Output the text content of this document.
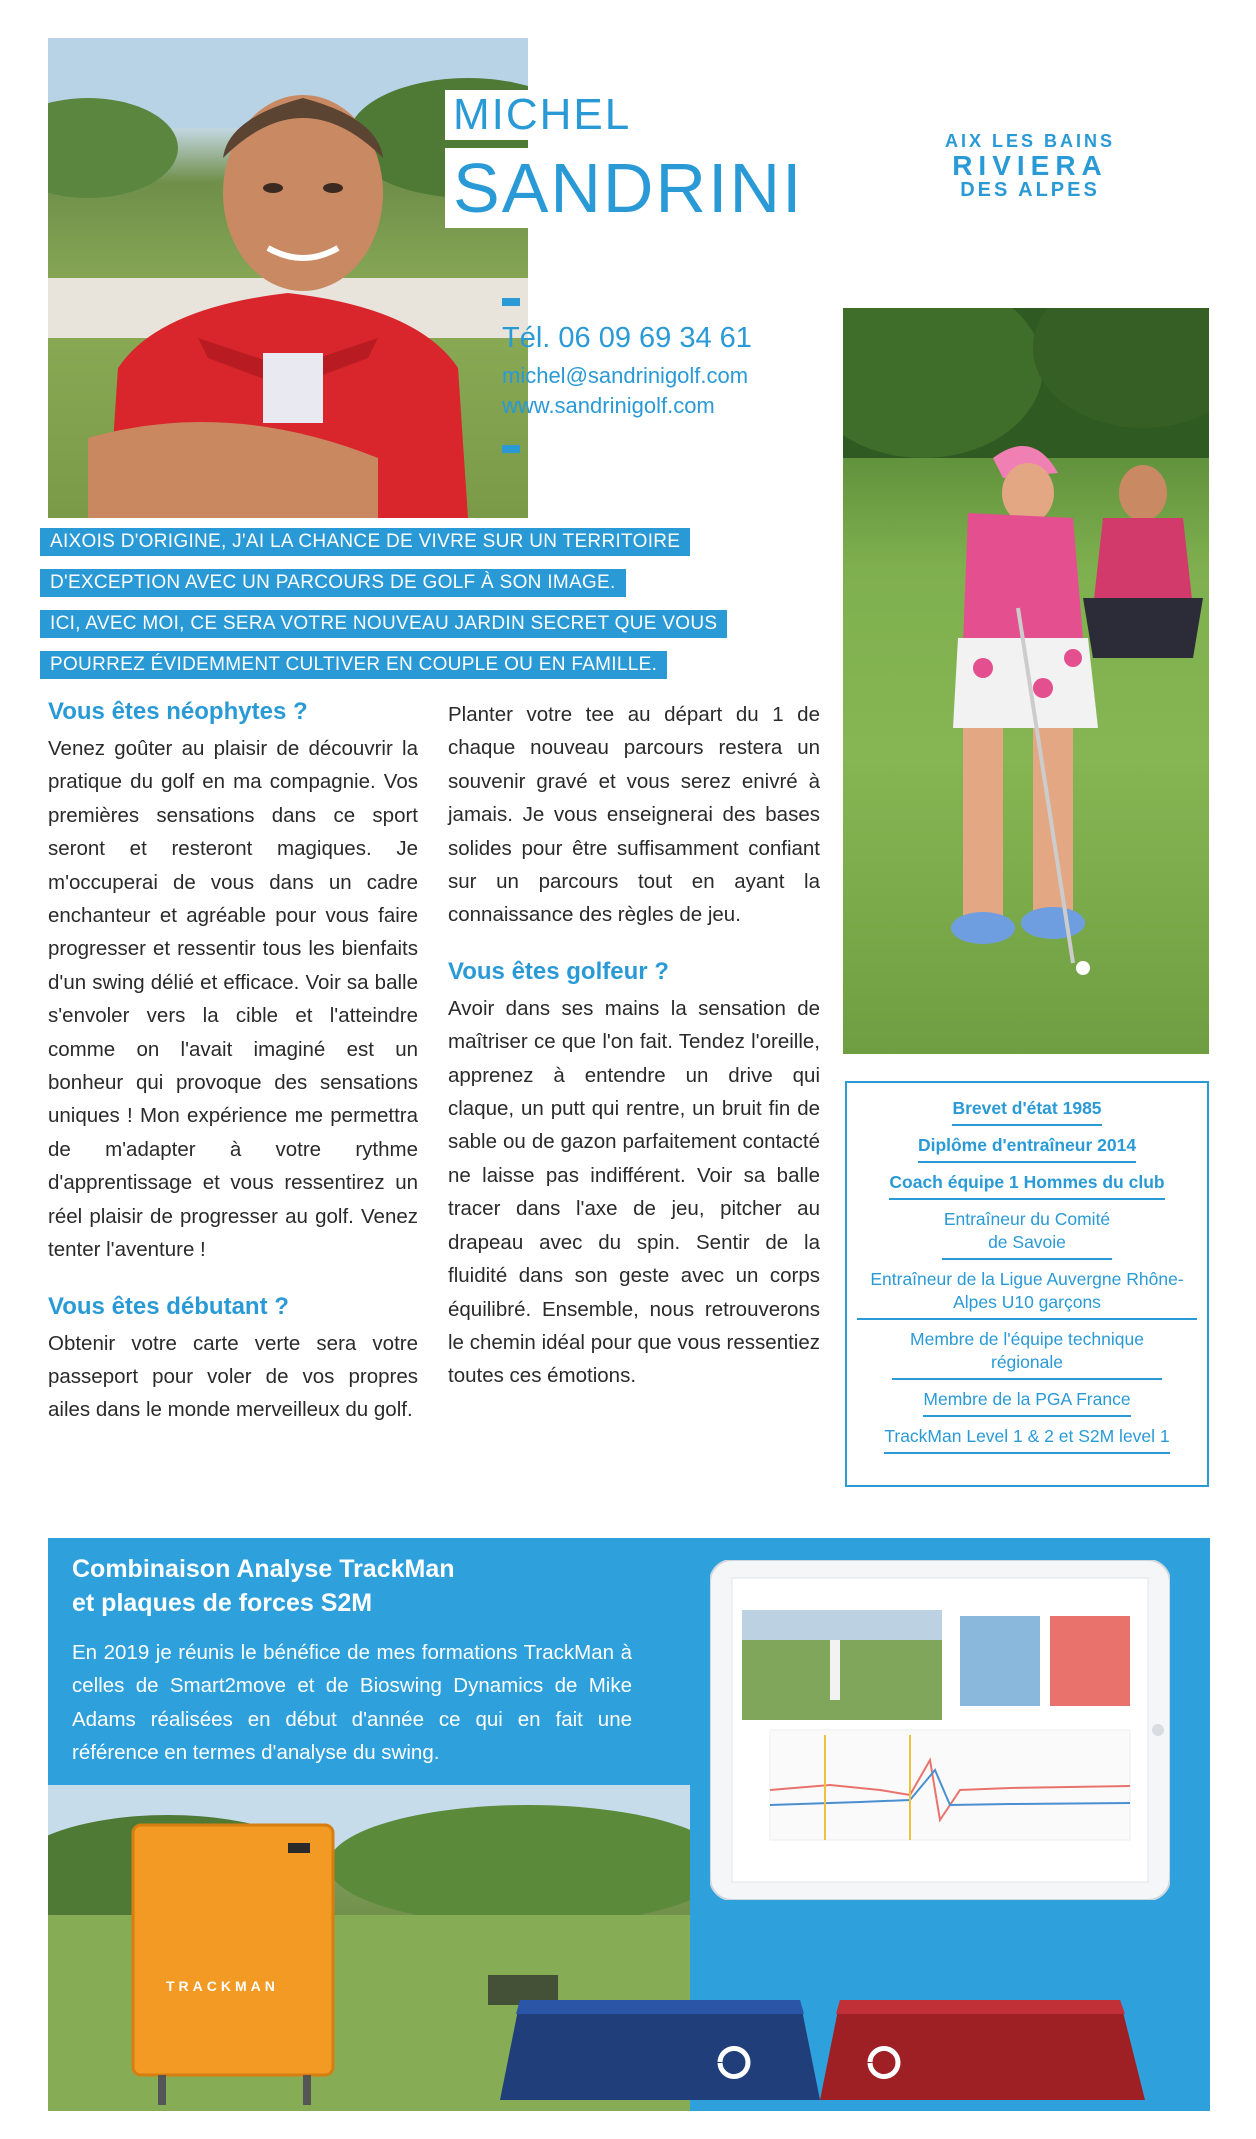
MICHEL
SANDRINI
AIX LES BAINS
RIVIERA
DES ALPES
Tél. 06 09 69 34 61
michel@sandrinigolf.com
www.sandrinigolf.com
AIXOIS D'ORIGINE, J'AI LA CHANCE DE VIVRE SUR UN TERRITOIRE
D'EXCEPTION AVEC UN PARCOURS DE GOLF À SON IMAGE.
ICI, AVEC MOI, CE SERA VOTRE NOUVEAU JARDIN SECRET QUE VOUS
POURREZ ÉVIDEMMENT CULTIVER EN COUPLE OU EN FAMILLE.
Vous êtes néophytes ?

Venez goûter au plaisir de découvrir la pratique du golf en ma compagnie. Vos premières sensations dans ce sport seront et resteront magiques. Je m'occuperai de vous dans un cadre enchanteur et agréable pour vous faire progresser et ressentir tous les bienfaits d'un swing délié et efficace. Voir sa balle s'envoler vers la cible et l'atteindre comme on l'avait imaginé est un bonheur qui provoque des sensations uniques ! Mon expérience me permettra de m'adapter à votre rythme d'apprentissage et vous ressentirez un réel plaisir de progresser au golf. Venez tenter l'aventure !

Vous êtes débutant ?

Obtenir votre carte verte sera votre passeport pour voler de vos propres ailes dans le monde merveilleux du golf.

Planter votre tee au départ du 1 de chaque nouveau parcours restera un souvenir gravé et vous serez enivré à jamais. Je vous enseignerai des bases solides pour être suffisamment confiant sur un parcours tout en ayant la connaissance des règles de jeu.

Vous êtes golfeur ?

Avoir dans ses mains la sensation de maîtriser ce que l'on fait. Tendez l'oreille, apprenez à entendre un drive qui claque, un putt qui rentre, un bruit fin de sable ou de gazon parfaitement contacté ne laisse pas indifférent. Voir sa balle tracer dans l'axe de jeu, pitcher au drapeau avec du spin. Sentir de la fluidité dans son geste avec un corps équilibré. Ensemble, nous retrouverons le chemin idéal pour que vous ressentiez toutes ces émotions.

Brevet d'état 1985
Diplôme d'entraîneur 2014
Coach équipe 1 Hommes du club
Entraîneur du Comité de Savoie
Entraîneur de la Ligue Auvergne Rhône-Alpes U10 garçons
Membre de l'équipe technique régionale
Membre de la PGA France
TrackMan Level 1 & 2 et S2M level 1
Combinaison Analyse TrackMan
et plaques de forces S2M
En 2019 je réunis le bénéfice de mes formations TrackMan à celles de Smart2move et de Bioswing Dynamics de Mike Adams réalisées en début d'année ce qui en fait une référence en termes d'analyse du swing.
TRACKMAN
